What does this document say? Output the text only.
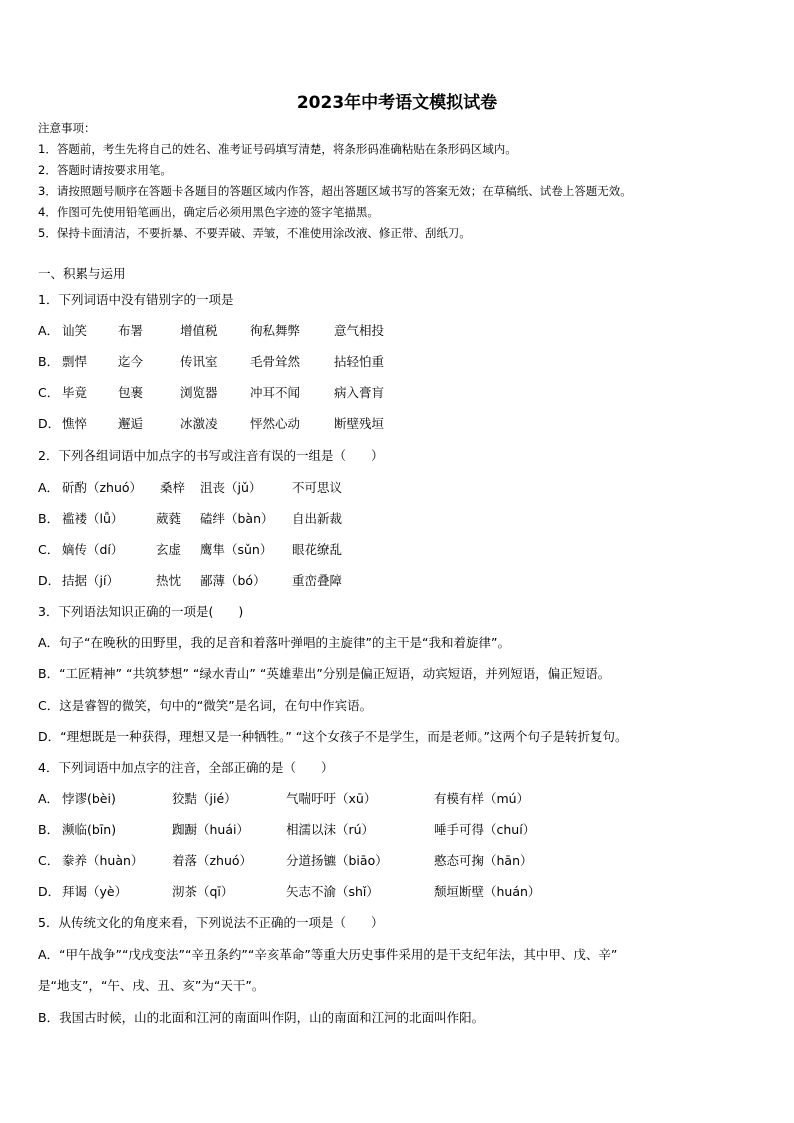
2023年中考语文模拟试卷
注意事项：
1．答题前，考生先将自己的姓名、准考证号码填写清楚，将条形码准确粘贴在条形码区域内。
2．答题时请按要求用笔。
3．请按照题号顺序在答题卡各题目的答题区域内作答，超出答题区域书写的答案无效；在草稿纸、试卷上答题无效。
4．作图可先使用铅笔画出，确定后必须用黑色字迹的签字笔描黑。
5．保持卡面清洁，不要折暴、不要弄破、弄皱，不准使用涂改液、修正带、刮纸刀。
一、积累与运用
1．下列词语中没有错别字的一项是
A． 讪笑	布署	增值税	徇私舞弊	意气相投
B． 剽悍	迄今	传讯室	毛骨耸然	拈轻怕重
C． 毕竟	包裹	浏览器	冲耳不闻	病入膏肓
D． 憔悴	邂逅	冰激凌	怦然心动	断壁残垣
2．下列各组词语中加点字的书写或注音有误的一组是（　　）
A． 斫酌（zhuó）	桑梓	沮丧（jǔ）	不可思议
B． 褴褛（lǚ）	葳蕤	磕绊（bàn）	自出新裁
C． 嫡传（dí）	玄虚	鹰隼（sǔn）	眼花缭乱
D． 拮据（jí）	热忱	鄙薄（bó）	重峦叠障
3．下列语法知识正确的一项是(　　)
A．句子“在晚秋的田野里，我的足音和着落叶弹唱的主旋律”的主干是“我和着旋律”。
B．“工匠精神” “共筑梦想” “绿水青山” “英雄辈出”分别是偏正短语，动宾短语，并列短语，偏正短语。
C．这是睿智的微笑，句中的“微笑”是名词，在句中作宾语。
D．“理想既是一种获得，理想又是一种牺牲。” “这个女孩子不是学生，而是老师。”这两个句子是转折复句。
4．下列词语中加点字的注音，全部正确的是（　　）
A． 悖谬(bèi)	狡黠（jié）	气喘吁吁（xū）	有模有样（mú）
B． 濒临(bīn)	踟蹰（huái）	相濡以沫（rú）	唾手可得（chuí）
C． 豢养（huàn）	着落（zhuó）	分道扬镳（biāo）	憨态可掬（hān）
D． 拜谒（yè）	沏茶（qī）	矢志不渝（shǐ）	颓垣断壁（huán）
5．从传统文化的角度来看，下列说法不正确的一项是（　　）
A．“甲午战争”“戊戌变法”“辛丑条约”“辛亥革命”等重大历史事件采用的是干支纪年法，其中甲、戊、辛”
是“地支”，“午、戌、丑、亥”为“天干”。
B．我国古时候，山的北面和江河的南面叫作阴，山的南面和江河的北面叫作阳。
